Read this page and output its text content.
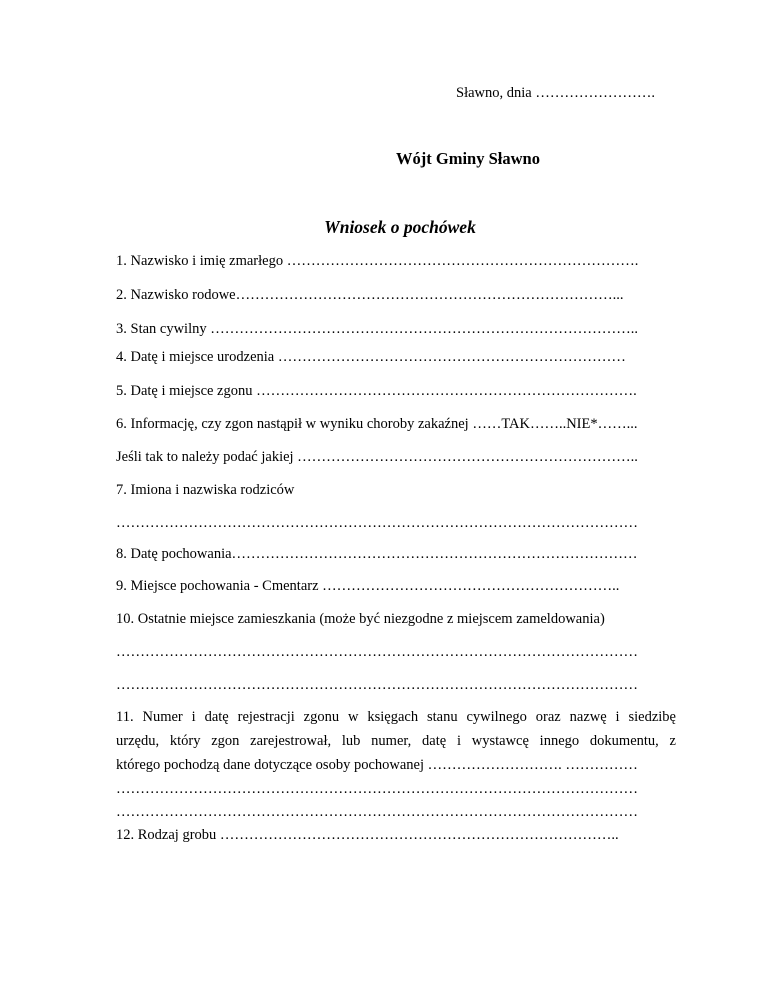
Sławno, dnia …………………….
Wójt Gminy Sławno
Wniosek o pochówek
1. Nazwisko i imię zmarłego ……………………………………………………………….
2. Nazwisko rodowe……………………………………………………………………...
3. Stan cywilny ……………………………………………………………………………..
4. Datę i miejsce urodzenia ………………………………………………………………
5. Datę i miejsce zgonu …………………………………………………………………….
6. Informację, czy zgon nastąpił w wyniku choroby zakaźnej ……TAK……..NIE*……...
Jeśli tak to należy podać jakiej ……………………………………………………………..
7. Imiona i nazwiska rodziców
………………………………………………………………………………………………
8. Datę pochowania…………………………………………………………………………
9. Miejsce pochowania - Cmentarz ……………………………………………………..
10. Ostatnie miejsce zamieszkania (może być niezgodne z miejscem zameldowania)
………………………………………………………………………………………………
………………………………………………………………………………………………
11. Numer i datę rejestracji zgonu w księgach stanu cywilnego oraz nazwę i siedzibę
urzędu, który zgon zarejestrował, lub numer, datę i wystawcę innego dokumentu, z
którego pochodzą dane dotyczące osoby pochowanej ………………………. ……………
………………………………………………………………………………………………
………………………………………………………………………………………………
12. Rodzaj grobu ………………………………………………………………………..
